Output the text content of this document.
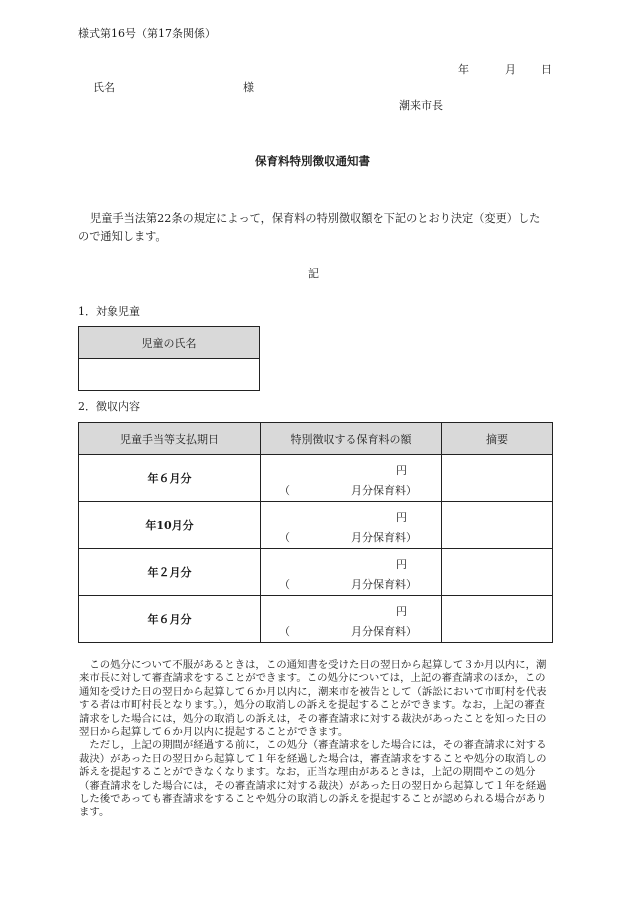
様式第16号（第17条関係）
年	月 日
氏名	様
潮来市長
保育料特別徴収通知書
児童手当法第22条の規定によって，保育料の特別徴収額を下記のとおり決定（変更）した
ので通知します。
記
1．対象児童
児童の氏名

2．徴収内容
児童手当等支払期日	特別徴収する保育料の額	摘要
年６月分	円
（ 月分保育料）	

年10月分	円
（ 月分保育料）	

年２月分	円
（ 月分保育料）	

年６月分	円
（ 月分保育料）	

この処分について不服があるときは，この通知書を受けた日の翌日から起算して３か月以内に，潮来市長に対して審査請求をすることができます。この処分については，上記の審査請求のほか，この通知を受けた日の翌日から起算して６か月以内に，潮来市を被告として（訴訟において市町村を代表する者は市町村長となります。），処分の取消しの訴えを提起することができます。なお，上記の審査請求をした場合には，処分の取消しの訴えは，その審査請求に対する裁決があったことを知った日の翌日から起算して６か月以内に提起することができます。

ただし，上記の期間が経過する前に，この処分（審査請求をした場合には，その審査請求に対する裁決）があった日の翌日から起算して１年を経過した場合は，審査請求をすることや処分の取消しの訴えを提起することができなくなります。なお，正当な理由があるときは，上記の期間やこの処分（審査請求をした場合には，その審査請求に対する裁決）があった日の翌日から起算して１年を経過した後であっても審査請求をすることや処分の取消しの訴えを提起することが認められる場合があります。
